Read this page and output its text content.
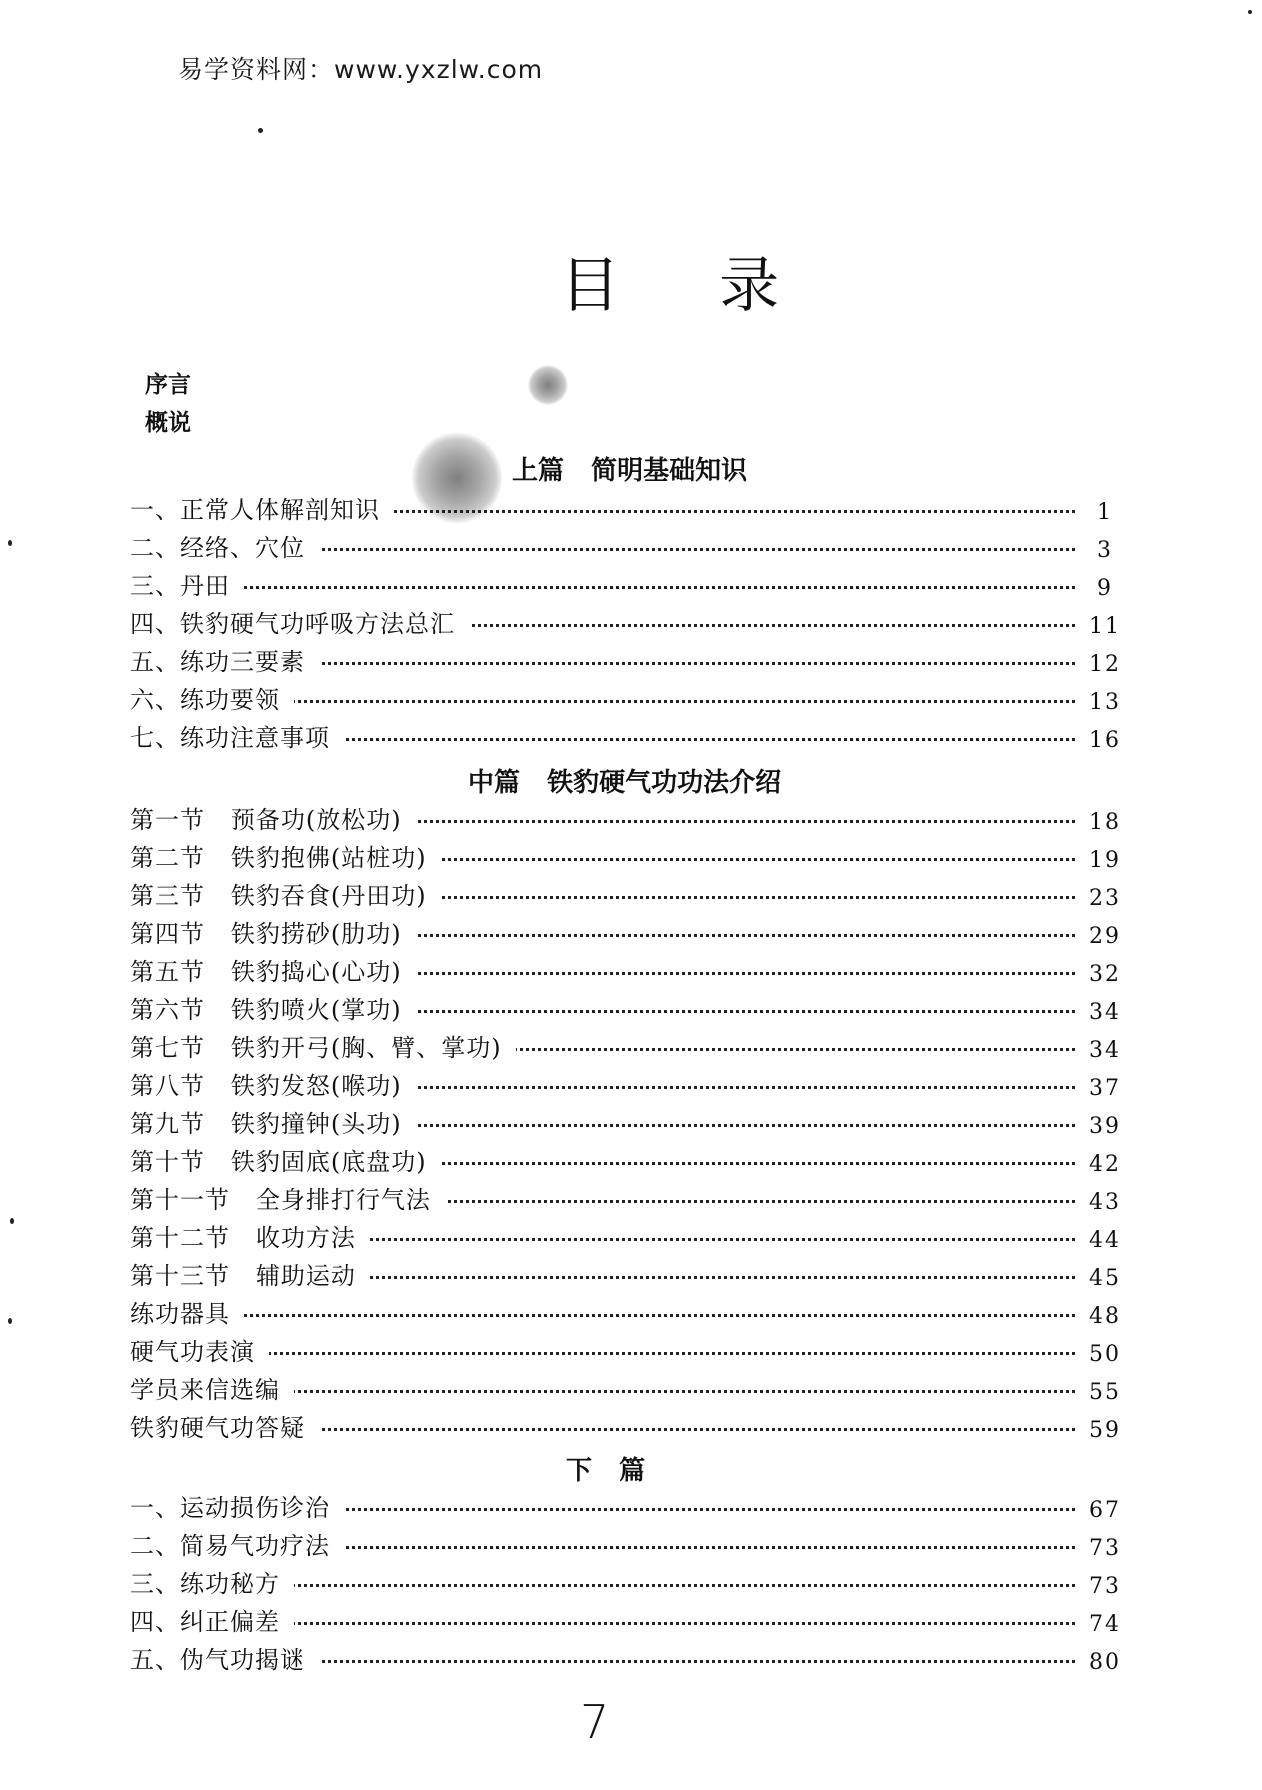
易学资料网：www.yxzlw.com
目 录
序言
概说
上篇   简明基础知识
一、正常人体解剖知识	1
二、经络、穴位	3
三、丹田	9
四、铁豹硬气功呼吸方法总汇	11
五、练功三要素	12
六、练功要领	13
七、练功注意事项	16
中篇   铁豹硬气功功法介绍
第一节   预备功(放松功)	18
第二节   铁豹抱佛(站桩功)	19
第三节   铁豹吞食(丹田功)	23
第四节   铁豹捞砂(肋功)	29
第五节   铁豹捣心(心功)	32
第六节   铁豹喷火(掌功)	34
第七节   铁豹开弓(胸、臂、掌功)	34
第八节   铁豹发怒(喉功)	37
第九节   铁豹撞钟(头功)	39
第十节   铁豹固底(底盘功)	42
第十一节   全身排打行气法	43
第十二节   收功方法	44
第十三节   辅助运动	45
练功器具	48
硬气功表演	50
学员来信选编	55
铁豹硬气功答疑	59
下   篇
一、运动损伤诊治	67
二、简易气功疗法	73
三、练功秘方	73
四、纠正偏差	74
五、伪气功揭谜	80
7
